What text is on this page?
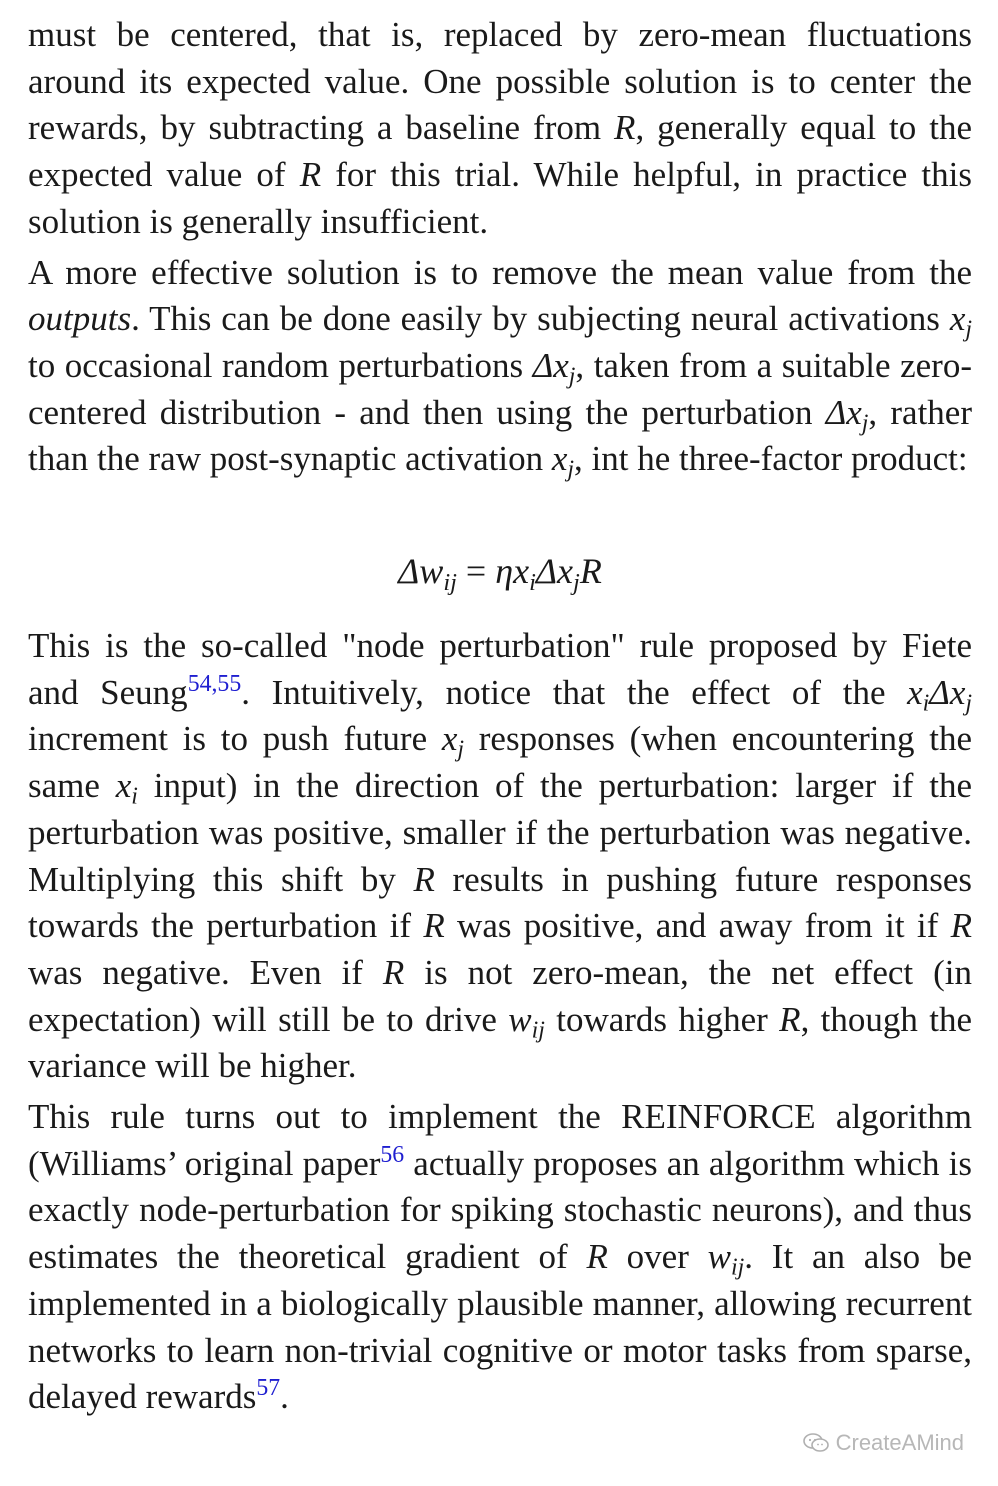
must be centered, that is, replaced by zero-mean fluctuations around its expected value. One possible solution is to center the rewards, by subtracting a baseline from R, generally equal to the expected value of R for this trial. While helpful, in practice this solution is generally insufficient.

A more effective solution is to remove the mean value from the outputs. This can be done easily by subjecting neural activations $x_j$ to occasional random perturbations $\Delta x_j$, taken from a suitable zero-centered distribution - and then using the perturbation $\Delta x_j$, rather than the raw post-synaptic activation $x_j$, int he three-factor product:

$\Delta w_{ij} = \eta x_i\Delta x_jR$

This is the so-called "node perturbation" rule proposed by Fiete and Seung$^{54,55}$. Intuitively, notice that the effect of the $x_i\Delta x_j$ increment is to push future $x_j$ responses (when encountering the same $x_i$ input) in the direction of the perturbation: larger if the perturbation was positive, smaller if the perturbation was negative. Multiplying this shift by R results in pushing future responses towards the perturbation if R was positive, and away from it if R was negative. Even if R is not zero-mean, the net effect (in expectation) will still be to drive $w_{ij}$ towards higher R, though the variance will be higher.

This rule turns out to implement the REINFORCE algorithm (Williams’ original paper$^{56}$ actually proposes an algorithm which is exactly node-perturbation for spiking stochastic neurons), and thus estimates the theoretical gradient of R over $w_{ij}$. It an also be implemented in a biologically plausible manner, allowing recurrent networks to learn non-trivial cognitive or motor tasks from sparse, delayed rewards$^{57}$.

CreateAMind
